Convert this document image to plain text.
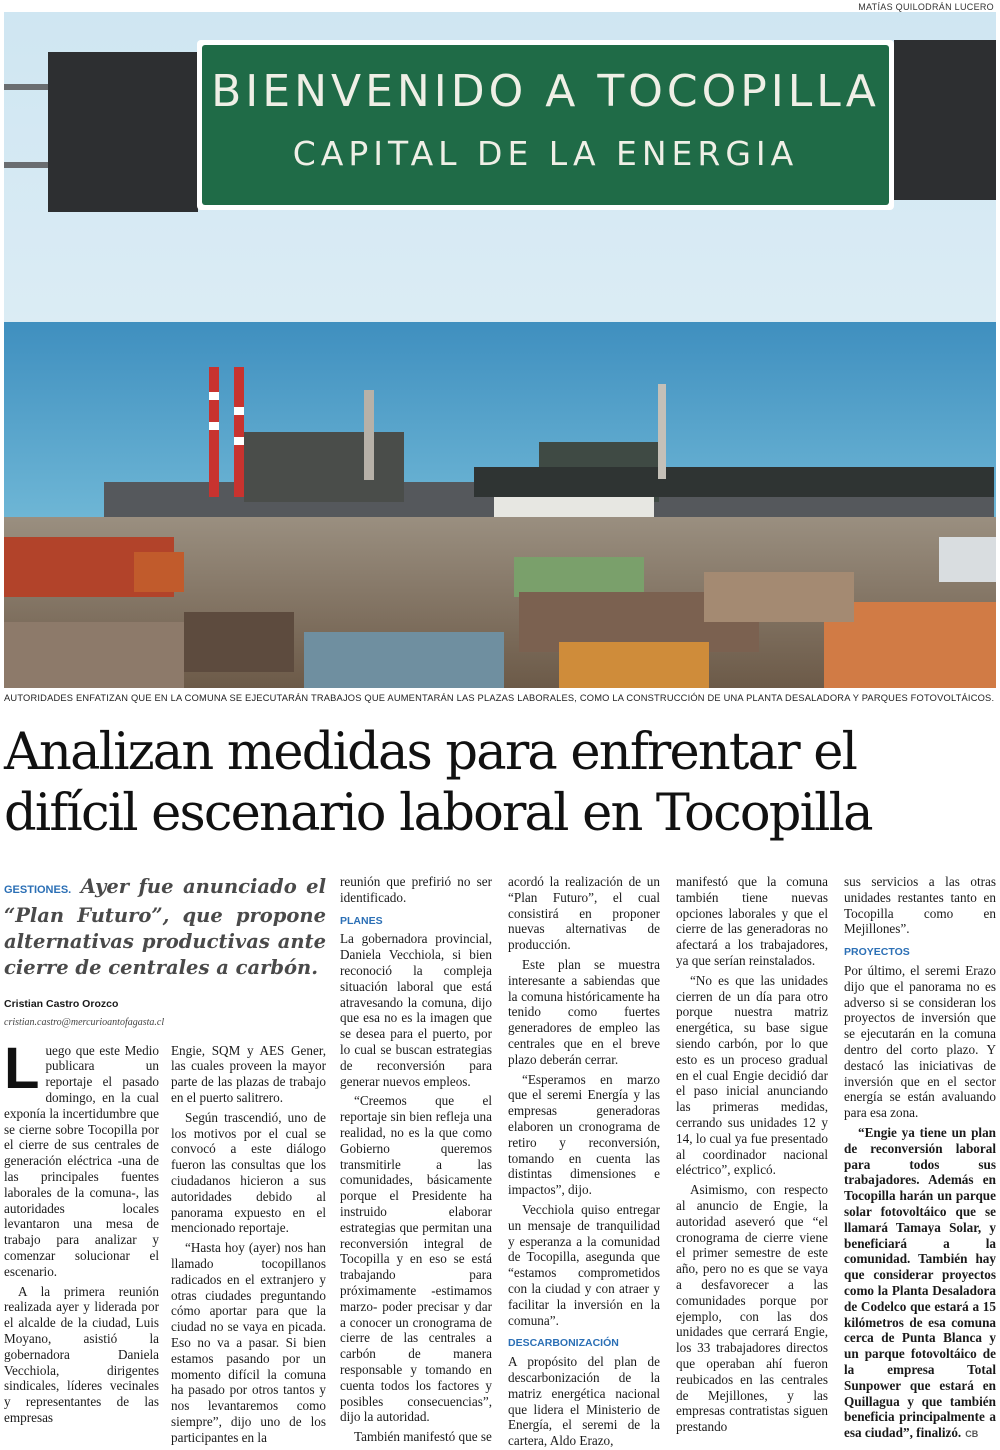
MATÍAS QUILODRÁN LUCERO
BIENVENIDO A TOCOPILLA
CAPITAL DE LA ENERGIA
AUTORIDADES ENFATIZAN QUE EN LA COMUNA SE EJECUTARÁN TRABAJOS QUE AUMENTARÁN LAS PLAZAS LABORALES, COMO LA CONSTRUCCIÓN DE UNA PLANTA DESALADORA Y PARQUES FOTOVOLTÁICOS.
Analizan medidas para enfrentar el difícil escenario laboral en Tocopilla
GESTIONES. Ayer fue anunciado el “Plan Futuro”, que propone alternativas productivas ante cierre de centrales a carbón.
Cristian Castro Orozco
cristian.castro@mercurioantofagasta.cl

Luego que este Medio publicara un reportaje el pasado domingo, en la cual exponía la incertidumbre que se cierne sobre Tocopilla por el cierre de sus centrales de generación eléctrica -una de las principales fuentes laborales de la comuna-, las autoridades locales levantaron una mesa de trabajo para analizar y comenzar solucionar el escenario.

A la primera reunión realizada ayer y liderada por el alcalde de la ciudad, Luis Moyano, asistió la gobernadora Daniela Vecchiola, dirigentes sindicales, líderes vecinales y representantes de las empresas

Engie, SQM y AES Gener, las cuales proveen la mayor parte de las plazas de trabajo en el puerto salitrero.

Según trascendió, uno de los motivos por el cual se convocó a este diálogo fueron las consultas que los ciudadanos hicieron a sus autoridades debido al panorama expuesto en el mencionado reportaje.

“Hasta hoy (ayer) nos han llamado tocopillanos radicados en el extranjero y otras ciudades preguntando cómo aportar para que la ciudad no se vaya en picada. Eso no va a pasar. Si bien estamos pasando por un momento difícil la comuna ha pasado por otros tantos y nos levantaremos como siempre”, dijo uno de los participantes en la

reunión que prefirió no ser identificado.

PLANES

La gobernadora provincial, Daniela Vecchiola, si bien reconoció la compleja situación laboral que está atravesando la comuna, dijo que esa no es la imagen que se desea para el puerto, por lo cual se buscan estrategias de reconversión para generar nuevos empleos.

“Creemos que el reportaje sin bien refleja una realidad, no es la que como Gobierno queremos transmitirle a las comunidades, básicamente porque el Presidente ha instruido elaborar estrategias que permitan una reconversión integral de Tocopilla y en eso se está trabajando para próximamente -estimamos marzo- poder precisar y dar a conocer un cronograma de cierre de las centrales a carbón de manera responsable y tomando en cuenta todos los factores y posibles consecuencias”, dijo la autoridad.

También manifestó que se

acordó la realización de un “Plan Futuro”, el cual consistirá en proponer nuevas alternativas de producción.

Este plan se muestra interesante a sabiendas que la comuna históricamente ha tenido como fuertes generadores de empleo las centrales que en el breve plazo deberán cerrar.

“Esperamos en marzo que el seremi Energía y las empresas generadoras elaboren un cronograma de retiro y reconversión, tomando en cuenta las distintas dimensiones e impactos”, dijo.

Vecchiola quiso entregar un mensaje de tranquilidad y esperanza a la comunidad de Tocopilla, asegunda que “estamos comprometidos con la ciudad y con atraer y facilitar la inversión en la comuna”.

DESCARBONIZACIÓN

A propósito del plan de descarbonización de la matriz energética nacional que lidera el Ministerio de Energía, el seremi de la cartera, Aldo Erazo,

manifestó que la comuna también tiene nuevas opciones laborales y que el cierre de las generadoras no afectará a los trabajadores, ya que serían reinstalados.

“No es que las unidades cierren de un día para otro porque nuestra matriz energética, su base sigue siendo carbón, por lo que esto es un proceso gradual en el cual Engie decidió dar el paso inicial anunciando las primeras medidas, cerrando sus unidades 12 y 14, lo cual ya fue presentado al coordinador nacional eléctrico”, explicó.

Asimismo, con respecto al anuncio de Engie, la autoridad aseveró que “el cronograma de cierre viene el primer semestre de este año, pero no es que se vaya a desfavorecer a las comunidades porque por ejemplo, con las dos unidades que cerrará Engie, los 33 trabajadores directos que operaban ahí fueron reubicados en las centrales de Mejillones, y las empresas contratistas siguen prestando

sus servicios a las otras unidades restantes tanto en Tocopilla como en Mejillones”.

PROYECTOS

Por último, el seremi Erazo dijo que el panorama no es adverso si se consideran los proyectos de inversión que se ejecutarán en la comuna dentro del corto plazo. Y destacó las iniciativas de inversión que en el sector energía se están avaluando para esa zona.

“Engie ya tiene un plan de reconversión laboral para todos sus trabajadores. Además en Tocopilla harán un parque solar fotovoltáico que se llamará Tamaya Solar, y beneficiará a la comunidad. También hay que considerar proyectos como la Planta Desaladora de Codelco que estará a 15 kilómetros de esa comuna cerca de Punta Blanca y un parque fotovoltáico de la empresa Total Sunpower que estará en Quillagua y que también beneficia principalmente a esa ciudad”, finalizó. CB
